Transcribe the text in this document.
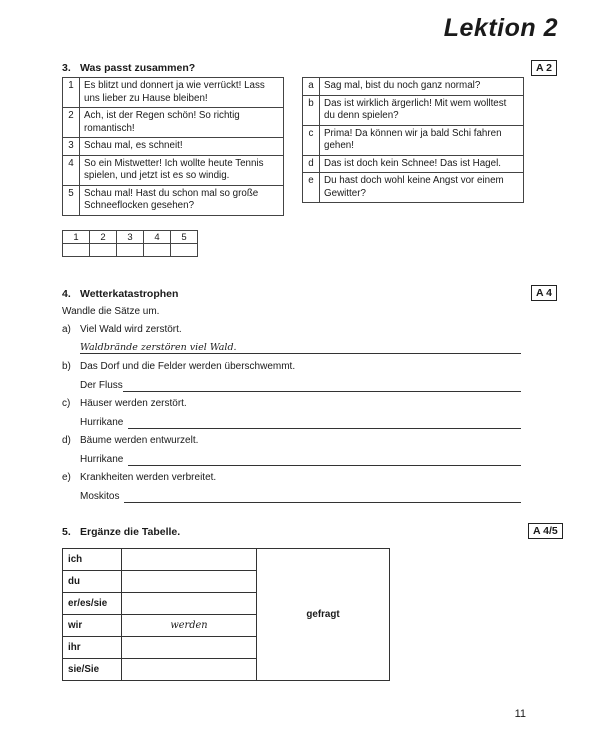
Lektion 2
3. Was passt zusammen?	A 2
1	Es blitzt und donnert ja wie verrückt! Lass uns lieber zu Hause bleiben!
2	Ach, ist der Regen schön! So richtig romantisch!
3	Schau mal, es schneit!
4	So ein Mistwetter! Ich wollte heute Tennis spielen, und jetzt ist es so windig.
5	Schau mal! Hast du schon mal so große Schneeflocken gesehen?
a	Sag mal, bist du noch ganz normal?
b	Das ist wirklich ärgerlich! Mit wem wolltest du denn spielen?
c	Prima! Da können wir ja bald Schi fahren gehen!
d	Das ist doch kein Schnee! Das ist Hagel.
e	Du hast doch wohl keine Angst vor einem Gewitter?
1	2	3	4	5

4. Wetterkatastrophen	A 4
Wandle die Sätze um.
a) Viel Wald wird zerstört.
Waldbrände zerstören viel Wald.
b) Das Dorf und die Felder werden überschwemmt.
Der Fluss
c) Häuser werden zerstört.
Hurrikane
d) Bäume werden entwurzelt.
Hurrikane
e) Krankheiten werden verbreitet.
Moskitos
5. Ergänze die Tabelle.	A 4/5
ich		gefragt
du		
er/es/sie		
wir	werden	
ihr		
sie/Sie		
11
